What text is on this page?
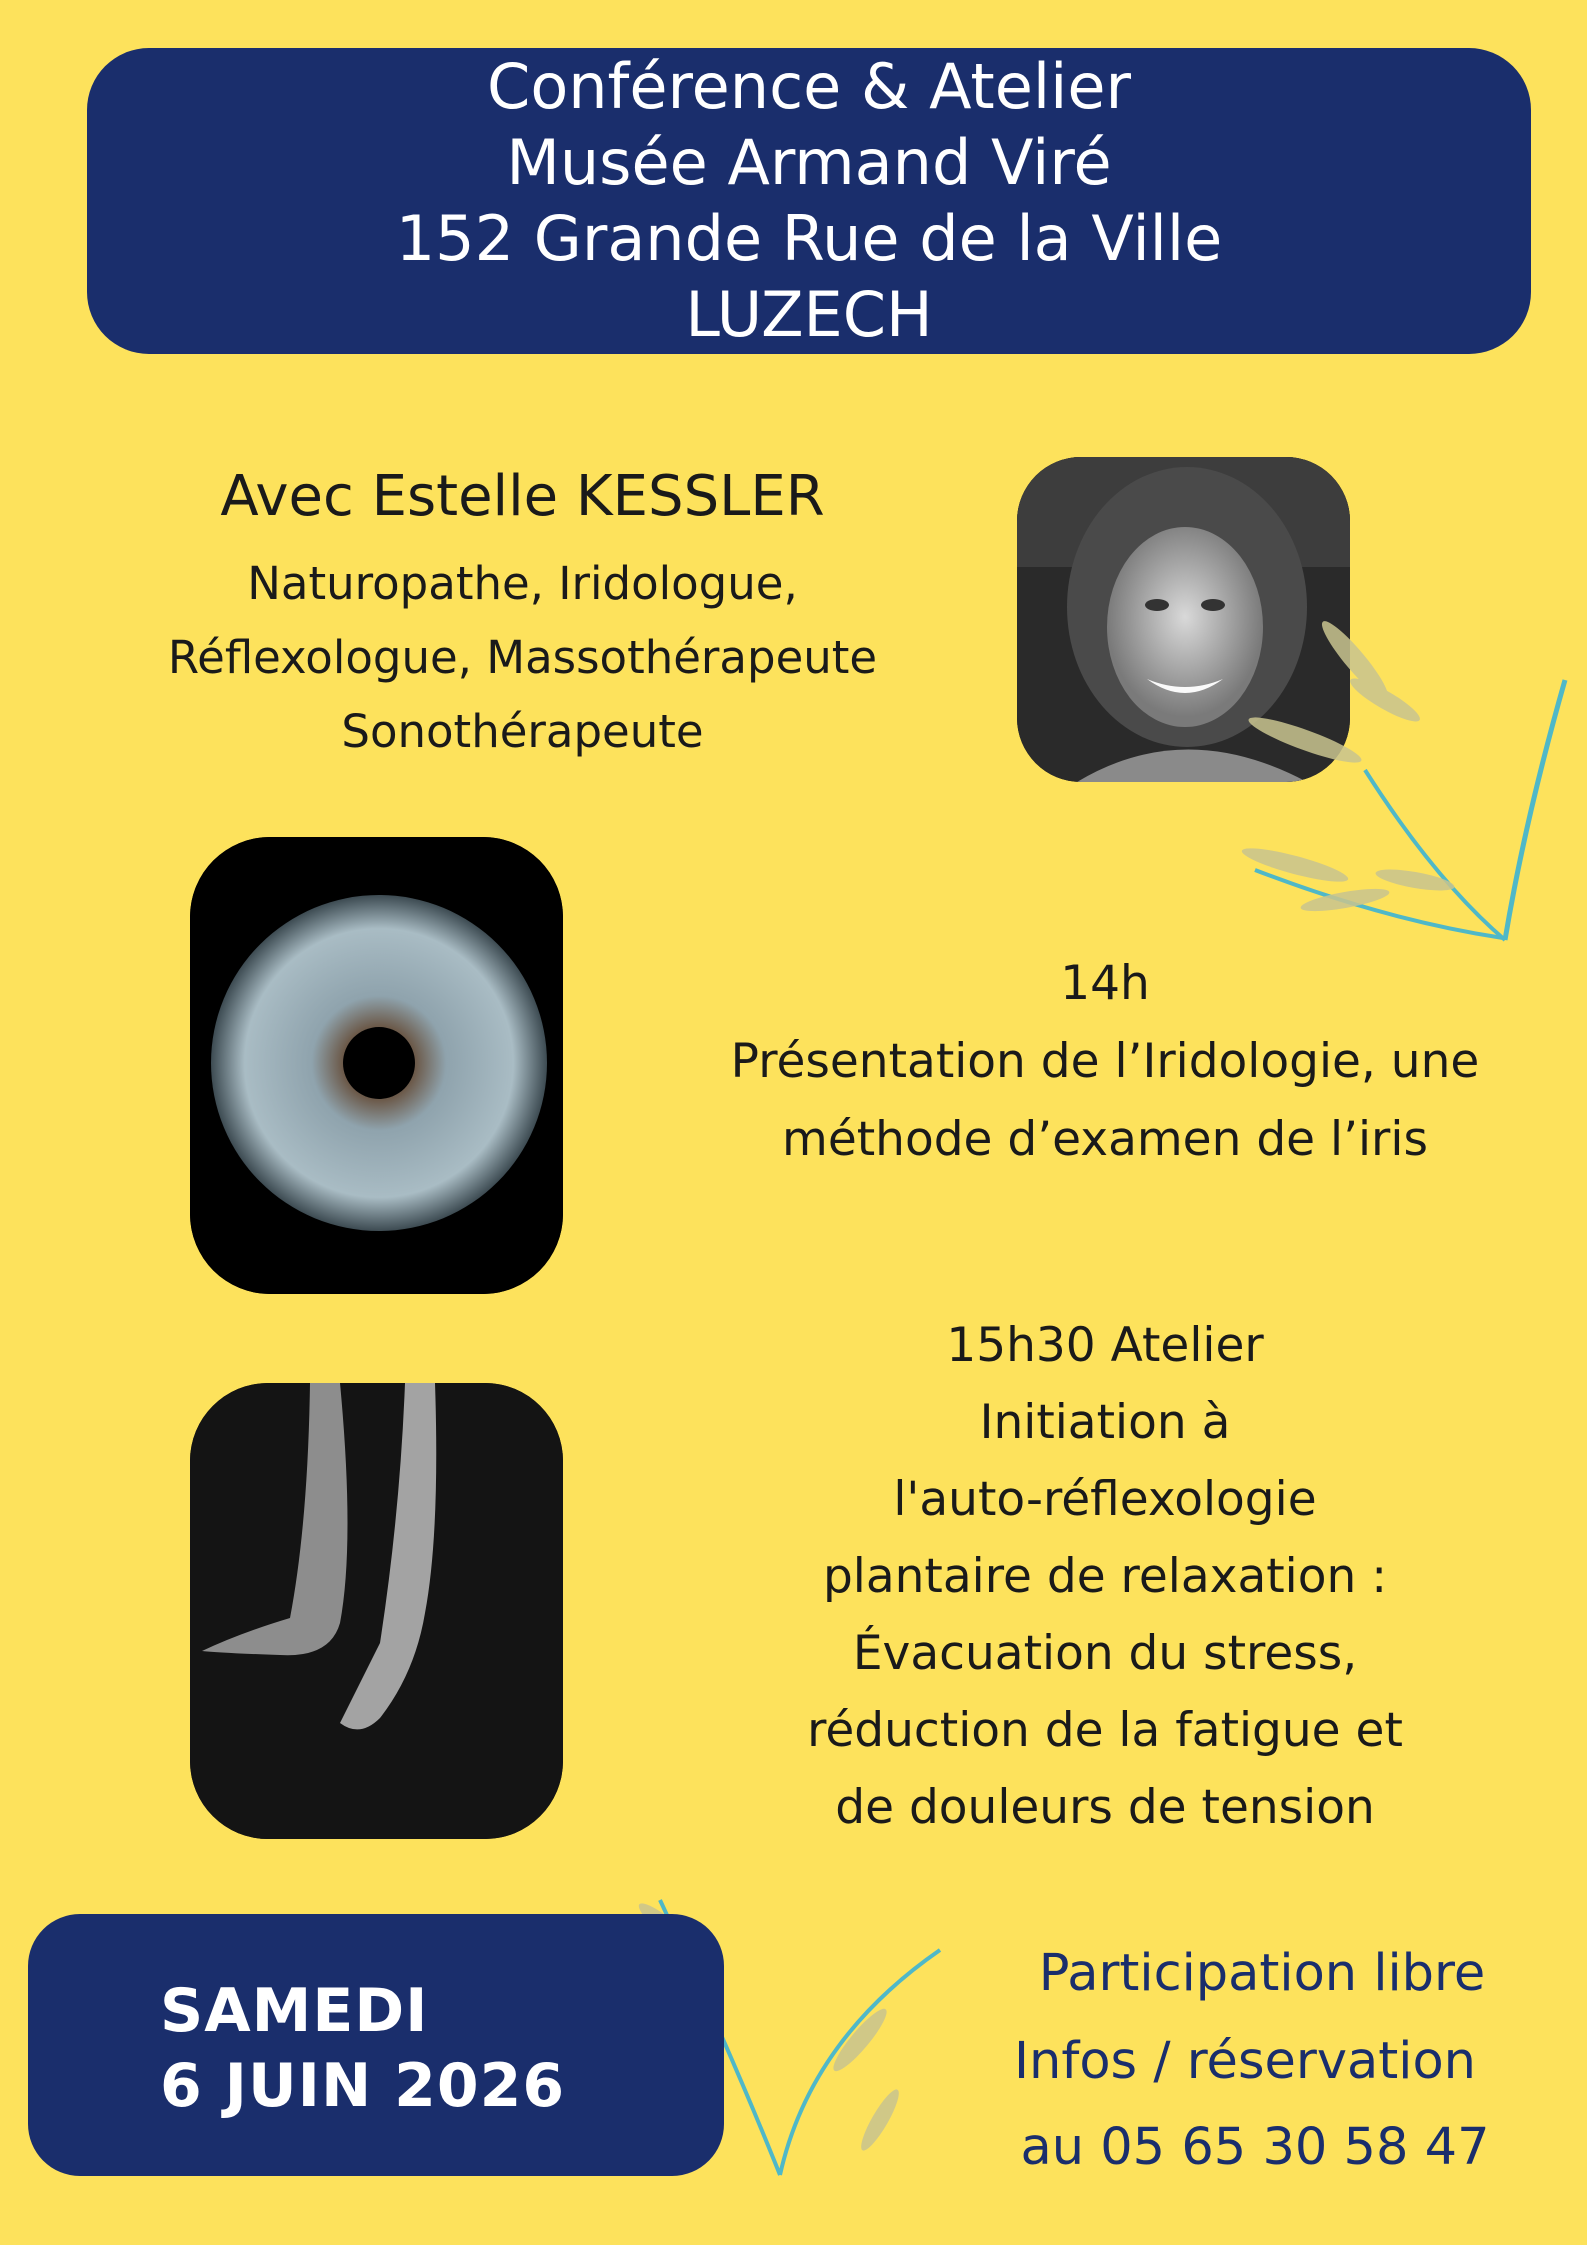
Conférence & Atelier
Musée Armand Viré
152 Grande Rue de la Ville
LUZECH
Avec Estelle KESSLER
Naturopathe, Iridologue,
Réflexologue, Massothérapeute
Sonothérapeute
14h
Présentation de l’Iridologie, une
méthode d’examen de l’iris
15h30 Atelier
Initiation à
l'auto-réflexologie
plantaire de relaxation :
Évacuation du stress,
réduction de la fatigue et
de douleurs de tension
SAMEDI
6 JUIN 2026
Participation libre
Infos / réservation
au 05 65 30 58 47
